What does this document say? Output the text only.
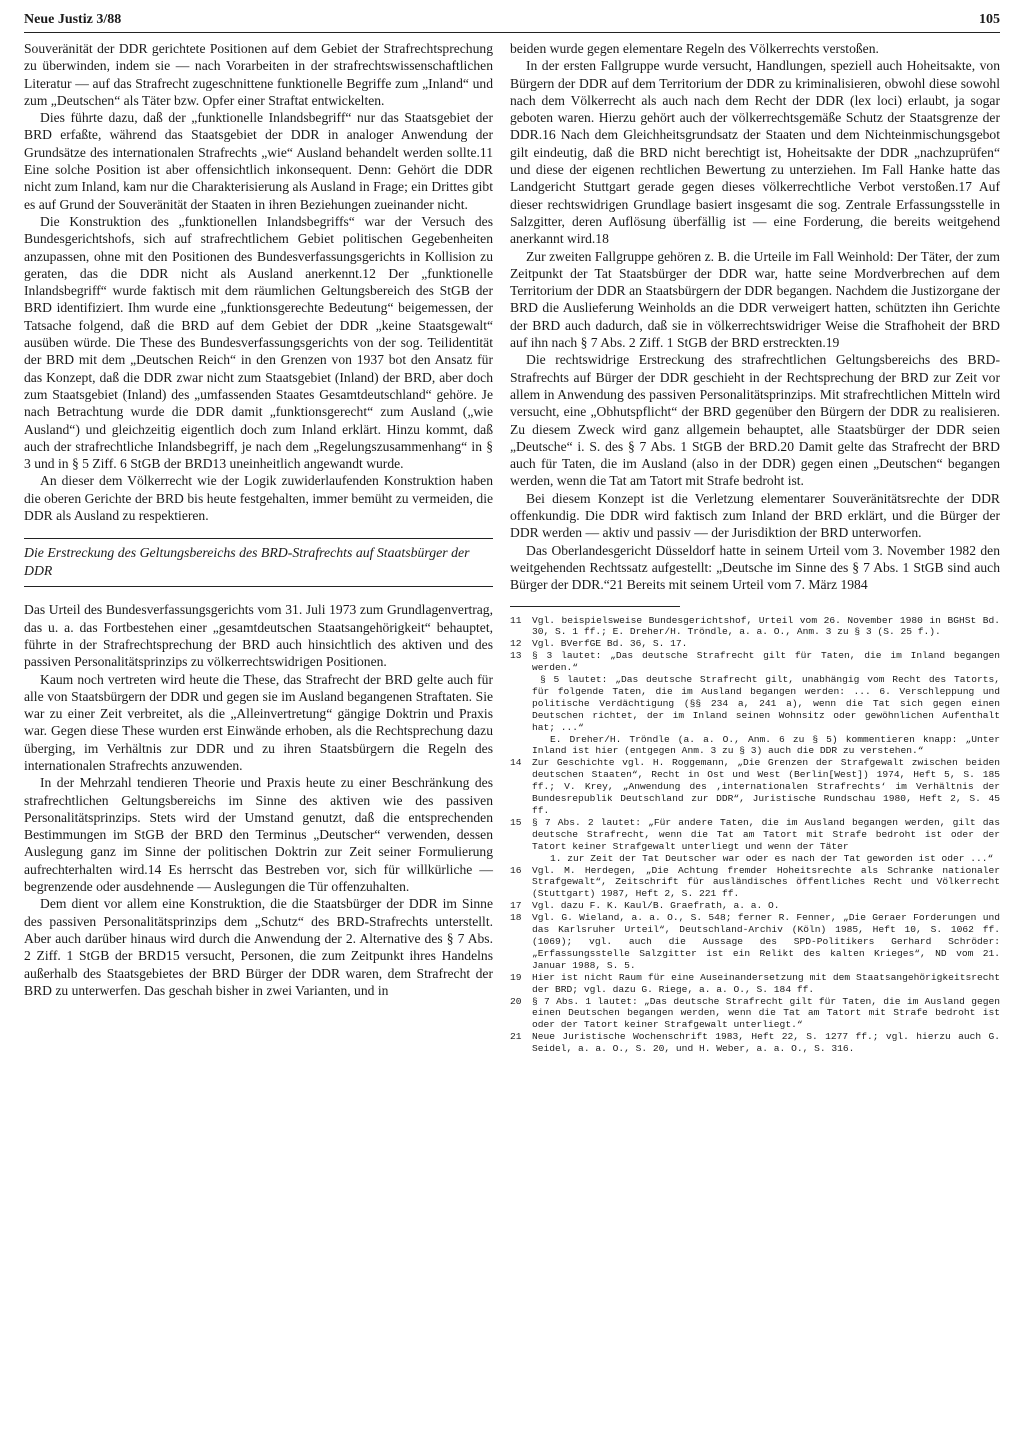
Neue Justiz 3/88	105

Souveränität der DDR gerichtete Positionen auf dem Gebiet der Strafrechtsprechung zu überwinden, indem sie — nach Vorarbeiten in der strafrechtswissenschaftlichen Literatur — auf das Strafrecht zugeschnittene funktionelle Begriffe zum „Inland“ und zum „Deutschen“ als Täter bzw. Opfer einer Straftat entwickelten.

Dies führte dazu, daß der „funktionelle Inlandsbegriff“ nur das Staatsgebiet der BRD erfaßte, während das Staatsgebiet der DDR in analoger Anwendung der Grundsätze des internationalen Strafrechts „wie“ Ausland behandelt werden sollte.11 Eine solche Position ist aber offensichtlich inkonsequent. Denn: Gehört die DDR nicht zum Inland, kam nur die Charakterisierung als Ausland in Frage; ein Drittes gibt es auf Grund der Souveränität der Staaten in ihren Beziehungen zueinander nicht.

Die Konstruktion des „funktionellen Inlandsbegriffs“ war der Versuch des Bundesgerichtshofs, sich auf strafrechtlichem Gebiet politischen Gegebenheiten anzupassen, ohne mit den Positionen des Bundesverfassungsgerichts in Kollision zu geraten, das die DDR nicht als Ausland anerkennt.12 Der „funktionelle Inlandsbegriff“ wurde faktisch mit dem räumlichen Geltungsbereich des StGB der BRD identifiziert. Ihm wurde eine „funktionsgerechte Bedeutung“ beigemessen, der Tatsache folgend, daß die BRD auf dem Gebiet der DDR „keine Staatsgewalt“ ausüben würde. Die These des Bundesverfassungsgerichts von der sog. Teilidentität der BRD mit dem „Deutschen Reich“ in den Grenzen von 1937 bot den Ansatz für das Konzept, daß die DDR zwar nicht zum Staatsgebiet (Inland) der BRD, aber doch zum Staatsgebiet (Inland) des „umfassenden Staates Gesamtdeutschland“ gehöre. Je nach Betrachtung wurde die DDR damit „funktionsgerecht“ zum Ausland („wie Ausland“) und gleichzeitig eigentlich doch zum Inland erklärt. Hinzu kommt, daß auch der strafrechtliche Inlandsbegriff, je nach dem „Regelungszusammenhang“ in § 3 und in § 5 Ziff. 6 StGB der BRD13 uneinheitlich angewandt wurde.

An dieser dem Völkerrecht wie der Logik zuwiderlaufenden Konstruktion haben die oberen Gerichte der BRD bis heute festgehalten, immer bemüht zu vermeiden, die DDR als Ausland zu respektieren.

Die Erstreckung des Geltungsbereichs des BRD-Strafrechts auf Staatsbürger der DDR

Das Urteil des Bundesverfassungsgerichts vom 31. Juli 1973 zum Grundlagenvertrag, das u. a. das Fortbestehen einer „gesamtdeutschen Staatsangehörigkeit“ behauptet, führte in der Strafrechtsprechung der BRD auch hinsichtlich des aktiven und des passiven Personalitätsprinzips zu völkerrechtswidrigen Positionen.

Kaum noch vertreten wird heute die These, das Strafrecht der BRD gelte auch für alle von Staatsbürgern der DDR und gegen sie im Ausland begangenen Straftaten. Sie war zu einer Zeit verbreitet, als die „Alleinvertretung“ gängige Doktrin und Praxis war. Gegen diese These wurden erst Einwände erhoben, als die Rechtsprechung dazu überging, im Verhältnis zur DDR und zu ihren Staatsbürgern die Regeln des internationalen Strafrechts anzuwenden.

In der Mehrzahl tendieren Theorie und Praxis heute zu einer Beschränkung des strafrechtlichen Geltungsbereichs im Sinne des aktiven wie des passiven Personalitätsprinzips. Stets wird der Umstand genutzt, daß die entsprechenden Bestimmungen im StGB der BRD den Terminus „Deutscher“ verwenden, dessen Auslegung ganz im Sinne der politischen Doktrin zur Zeit seiner Formulierung aufrechterhalten wird.14 Es herrscht das Bestreben vor, sich für willkürliche — begrenzende oder ausdehnende — Auslegungen die Tür offenzuhalten.

Dem dient vor allem eine Konstruktion, die die Staatsbürger der DDR im Sinne des passiven Personalitätsprinzips dem „Schutz“ des BRD-Strafrechts unterstellt. Aber auch darüber hinaus wird durch die Anwendung der 2. Alternative des § 7 Abs. 2 Ziff. 1 StGB der BRD15 versucht, Personen, die zum Zeitpunkt ihres Handelns außerhalb des Staatsgebietes der BRD Bürger der DDR waren, dem Strafrecht der BRD zu unterwerfen. Das geschah bisher in zwei Varianten, und in

beiden wurde gegen elementare Regeln des Völkerrechts verstoßen.

In der ersten Fallgruppe wurde versucht, Handlungen, speziell auch Hoheitsakte, von Bürgern der DDR auf dem Territorium der DDR zu kriminalisieren, obwohl diese sowohl nach dem Völkerrecht als auch nach dem Recht der DDR (lex loci) erlaubt, ja sogar geboten waren. Hierzu gehört auch der völkerrechtsgemäße Schutz der Staatsgrenze der DDR.16 Nach dem Gleichheitsgrundsatz der Staaten und dem Nichteinmischungsgebot gilt eindeutig, daß die BRD nicht berechtigt ist, Hoheitsakte der DDR „nachzuprüfen“ und diese der eigenen rechtlichen Bewertung zu unterziehen. Im Fall Hanke hatte das Landgericht Stuttgart gerade gegen dieses völkerrechtliche Verbot verstoßen.17 Auf dieser rechtswidrigen Grundlage basiert insgesamt die sog. Zentrale Erfassungsstelle in Salzgitter, deren Auflösung überfällig ist — eine Forderung, die bereits weitgehend anerkannt wird.18

Zur zweiten Fallgruppe gehören z. B. die Urteile im Fall Weinhold: Der Täter, der zum Zeitpunkt der Tat Staatsbürger der DDR war, hatte seine Mordverbrechen auf dem Territorium der DDR an Staatsbürgern der DDR begangen. Nachdem die Justizorgane der BRD die Auslieferung Weinholds an die DDR verweigert hatten, schützten ihn Gerichte der BRD auch dadurch, daß sie in völkerrechtswidriger Weise die Strafhoheit der BRD auf ihn nach § 7 Abs. 2 Ziff. 1 StGB der BRD erstreckten.19

Die rechtswidrige Erstreckung des strafrechtlichen Geltungsbereichs des BRD-Strafrechts auf Bürger der DDR geschieht in der Rechtsprechung der BRD zur Zeit vor allem in Anwendung des passiven Personalitätsprinzips. Mit strafrechtlichen Mitteln wird versucht, eine „Obhutspflicht“ der BRD gegenüber den Bürgern der DDR zu realisieren. Zu diesem Zweck wird ganz allgemein behauptet, alle Staatsbürger der DDR seien „Deutsche“ i. S. des § 7 Abs. 1 StGB der BRD.20 Damit gelte das Strafrecht der BRD auch für Taten, die im Ausland (also in der DDR) gegen einen „Deutschen“ begangen werden, wenn die Tat am Tatort mit Strafe bedroht ist.

Bei diesem Konzept ist die Verletzung elementarer Souveränitätsrechte der DDR offenkundig. Die DDR wird faktisch zum Inland der BRD erklärt, und die Bürger der DDR werden — aktiv und passiv — der Jurisdiktion der BRD unterworfen.

Das Oberlandesgericht Düsseldorf hatte in seinem Urteil vom 3. November 1982 den weitgehenden Rechtssatz aufgestellt: „Deutsche im Sinne des § 7 Abs. 1 StGB sind auch Bürger der DDR.“21 Bereits mit seinem Urteil vom 7. März 1984

11	Vgl. beispielsweise Bundesgerichtshof, Urteil vom 26. November 1980 in BGHSt Bd. 30, S. 1 ff.; E. Dreher/H. Tröndle, a. a. O., Anm. 3 zu § 3 (S. 25 f.).
12	Vgl. BVerfGE Bd. 36, S. 17.
13	§ 3 lautet: „Das deutsche Strafrecht gilt für Taten, die im Inland begangen werden.“
§ 5 lautet: „Das deutsche Strafrecht gilt, unabhängig vom Recht des Tatorts, für folgende Taten, die im Ausland begangen werden: ... 6. Verschleppung und politische Verdächtigung (§§ 234 a, 241 a), wenn die Tat sich gegen einen Deutschen richtet, der im Inland seinen Wohnsitz oder gewöhnlichen Aufenthalt hat; ...“
E. Dreher/H. Tröndle (a. a. O., Anm. 6 zu § 5) kommentieren knapp: „Unter Inland ist hier (entgegen Anm. 3 zu § 3) auch die DDR zu verstehen.“
14	Zur Geschichte vgl. H. Roggemann, „Die Grenzen der Strafgewalt zwischen beiden deutschen Staaten“, Recht in Ost und West (Berlin[West]) 1974, Heft 5, S. 185 ff.; V. Krey, „Anwendung des ‚internationalen Strafrechts‘ im Verhältnis der Bundesrepublik Deutschland zur DDR“, Juristische Rundschau 1980, Heft 2, S. 45 ff.
15	§ 7 Abs. 2 lautet: „Für andere Taten, die im Ausland begangen werden, gilt das deutsche Strafrecht, wenn die Tat am Tatort mit Strafe bedroht ist oder der Tatort keiner Strafgewalt unterliegt und wenn der Täter
1. zur Zeit der Tat Deutscher war oder es nach der Tat geworden ist oder ...“
16	Vgl. M. Herdegen, „Die Achtung fremder Hoheitsrechte als Schranke nationaler Strafgewalt“, Zeitschrift für ausländisches öffentliches Recht und Völkerrecht (Stuttgart) 1987, Heft 2, S. 221 ff.
17	Vgl. dazu F. K. Kaul/B. Graefrath, a. a. O.
18	Vgl. G. Wieland, a. a. O., S. 548; ferner R. Fenner, „Die Geraer Forderungen und das Karlsruher Urteil“, Deutschland-Archiv (Köln) 1985, Heft 10, S. 1062 ff. (1069); vgl. auch die Aussage des SPD-Politikers Gerhard Schröder: „Erfassungsstelle Salzgitter ist ein Relikt des kalten Krieges“, ND vom 21. Januar 1988, S. 5.
19	Hier ist nicht Raum für eine Auseinandersetzung mit dem Staatsangehörigkeitsrecht der BRD; vgl. dazu G. Riege, a. a. O., S. 184 ff.
20	§ 7 Abs. 1 lautet: „Das deutsche Strafrecht gilt für Taten, die im Ausland gegen einen Deutschen begangen werden, wenn die Tat am Tatort mit Strafe bedroht ist oder der Tatort keiner Strafgewalt unterliegt.“
21	Neue Juristische Wochenschrift 1983, Heft 22, S. 1277 ff.; vgl. hierzu auch G. Seidel, a. a. O., S. 20, und H. Weber, a. a. O., S. 316.
